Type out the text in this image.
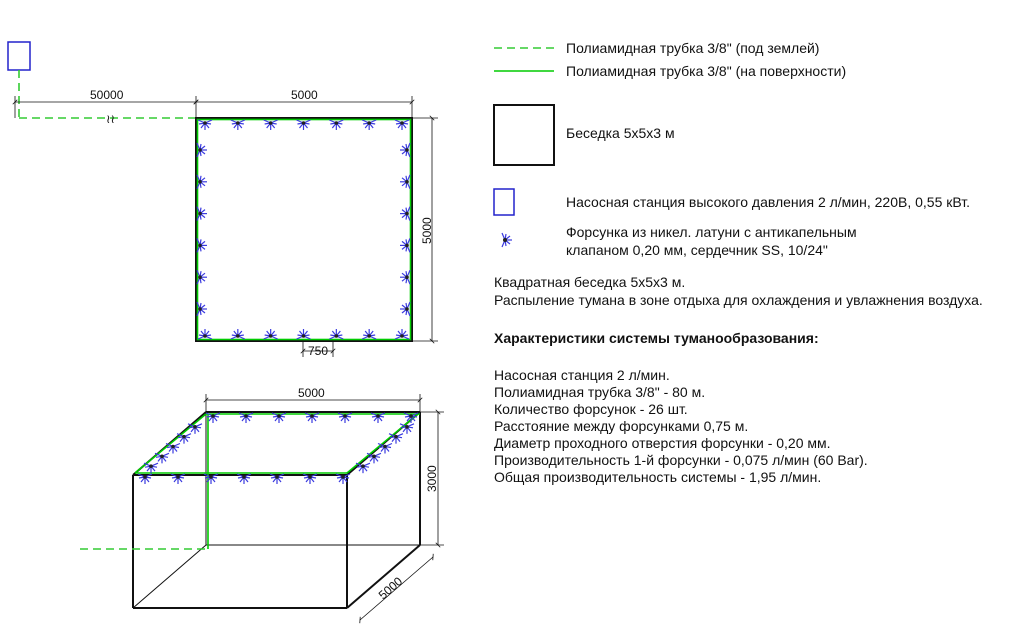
≀≀
50000	5000
5000
750
5000
3000
5000
Полиамидная трубка 3/8" (под землей)
Полиамидная трубка 3/8" (на поверхности)
Беседка 5х5х3 м
Насосная станция высокого давления 2 л/мин, 220В, 0,55 кВт.
Форсунка из никел. латуни с антикапельным
клапаном 0,20 мм, сердечник SS, 10/24"
Квадратная беседка 5х5х3 м.
Распыление тумана в зоне отдыха для охлаждения и увлажнения воздуха.
Характеристики системы туманообразования:
Насосная станция 2 л/мин.
Полиамидная трубка 3/8" - 80 м.
Количество форсунок - 26 шт.
Расстояние между форсунками 0,75 м.
Диаметр проходного отверстия форсунки - 0,20 мм.
Производительность 1-й форсунки - 0,075 л/мин (60 Bar).
Общая производительность системы - 1,95 л/мин.
